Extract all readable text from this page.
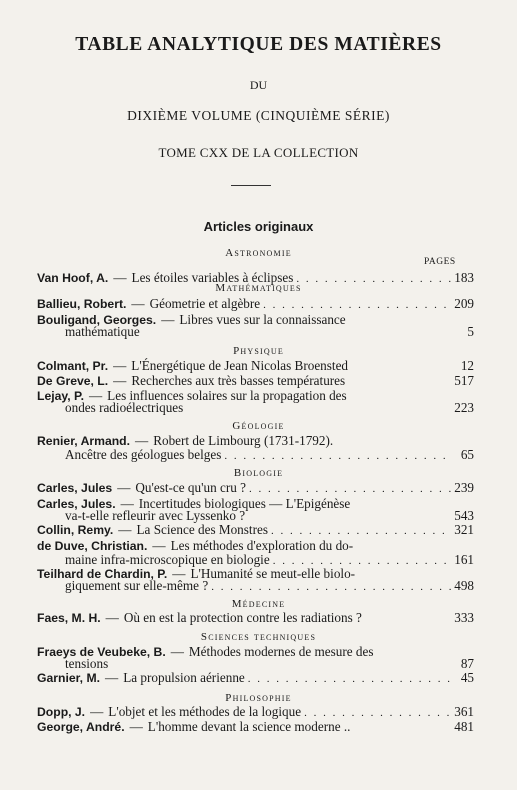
TABLE ANALYTIQUE DES MATIÈRES
DU
DIXIÈME VOLUME (CINQUIÈME SÉRIE)
TOME CXX DE LA COLLECTION
Articles originaux
Astronomie
PAGES
Van Hoof, A. — Les étoiles variables à éclipses . . .	183
Mathématiques
Ballieu, Robert. — Géometrie et algèbre . . .	209
Bouligand, Georges. — Libres vues sur la connaissance
mathématique	5
Physique
Colmant, Pr. — L'Énergétique de Jean Nicolas Broensted	12
De Greve, L. — Recherches aux très basses températures	517
Lejay, P. — Les influences solaires sur la propagation des
ondes radioélectriques	223
Géologie
Renier, Armand. — Robert de Limbourg (1731-1792).
Ancêtre des géologues belges . . .	65
Biologie
Carles, Jules — Qu'est-ce qu'un cru ? . . .	239
Carles, Jules. — Incertitudes biologiques — L'Epigénèse
va-t-elle refleurir avec Lyssenko ?	543
Collin, Remy. — La Science des Monstres . . .	321
de Duve, Christian. — Les méthodes d'exploration du do-
maine infra-microscopique en biologie . . .	161
Teilhard de Chardin, P. — L'Humanité se meut-elle biolo-
giquement sur elle-même ? . . .	498
Médecine
Faes, M. H. — Où en est la protection contre les radiations ?	333
Sciences techniques
Fraeys de Veubeke, B. — Méthodes modernes de mesure des
tensions	87
Garnier, M. — La propulsion aérienne . . .	45
Philosophie
Dopp, J. — L'objet et les méthodes de la logique . . .	361
George, André. — L'homme devant la science moderne ..	481
